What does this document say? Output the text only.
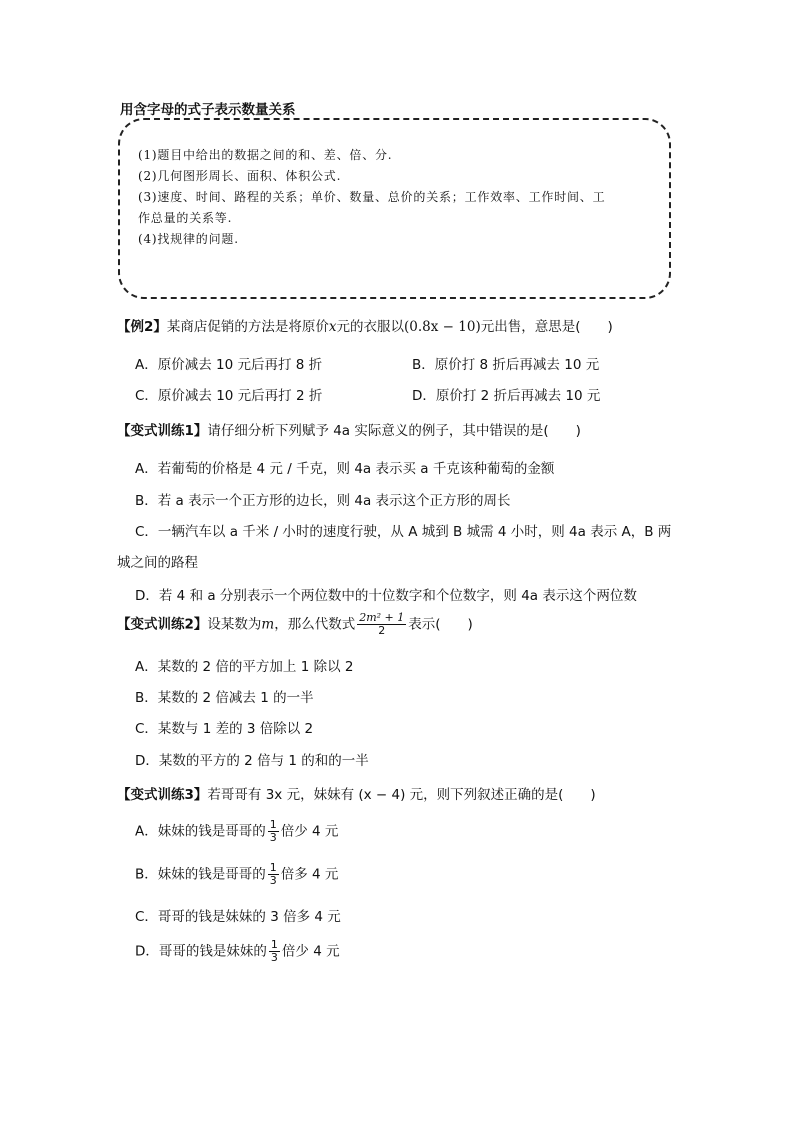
用含字母的式子表示数量关系
(1)题目中给出的数据之间的和、差、倍、分.
(2)几何图形周长、面积、体积公式.
(3)速度、时间、路程的关系；单价、数量、总价的关系；工作效率、工作时间、工
作总量的关系等.
(4)找规律的问题.
【例2】某商店促销的方法是将原价x元的衣服以(0.8x − 10)元出售，意思是(　　)
A．原价减去 10 元后再打 8 折	B．原价打 8 折后再减去 10 元
C．原价减去 10 元后再打 2 折	D．原价打 2 折后再减去 10 元
【变式训练1】请仔细分析下列赋予 4a 实际意义的例子，其中错误的是(　　)
A．若葡萄的价格是 4 元 / 千克，则 4a 表示买 a 千克该种葡萄的金额
B．若 a 表示一个正方形的边长，则 4a 表示这个正方形的周长
C．一辆汽车以 a 千米 / 小时的速度行驶，从 A 城到 B 城需 4 小时，则 4a 表示 A，B 两
城之间的路程
D．若 4 和 a 分别表示一个两位数中的十位数字和个位数字，则 4a 表示这个两位数
【变式训练2】设某数为m，那么代数式 $\frac{\text{2m² + 1}}{2}$ 表示(　　)
A．某数的 2 倍的平方加上 1 除以 2
B．某数的 2 倍减去 1 的一半
C．某数与 1 差的 3 倍除以 2
D．某数的平方的 2 倍与 1 的和的一半
【变式训练3】若哥哥有 3x 元，妹妹有 (x − 4) 元，则下列叙述正确的是(　　)
A．妹妹的钱是哥哥的 $\frac{1}{3}$ 倍少 4 元
B．妹妹的钱是哥哥的 $\frac{1}{3}$ 倍多 4 元
C．哥哥的钱是妹妹的 3 倍多 4 元
D．哥哥的钱是妹妹的 $\frac{1}{3}$ 倍少 4 元
